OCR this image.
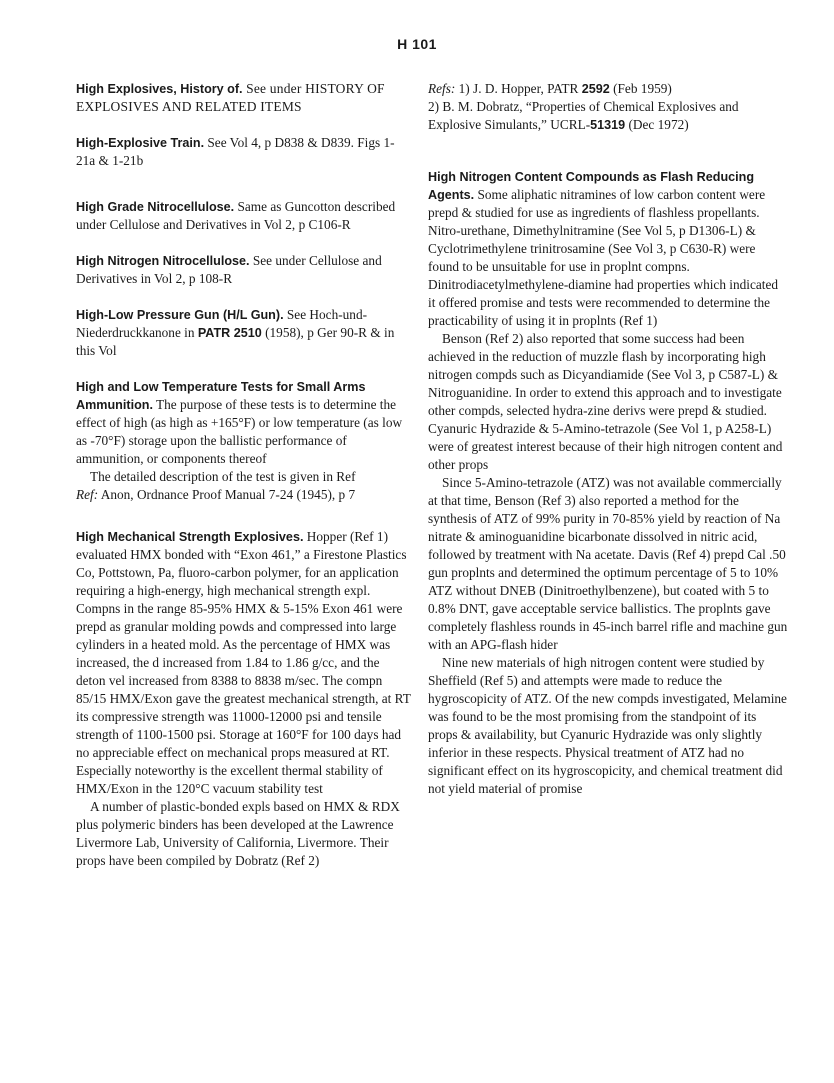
H 101
High Explosives, History of. See under HISTORY OF EXPLOSIVES AND RELATED ITEMS
High-Explosive Train. See Vol 4, p D838 & D839. Figs 1-21a & 1-21b
High Grade Nitrocellulose. Same as Guncotton described under Cellulose and Derivatives in Vol 2, p C106-R
High Nitrogen Nitrocellulose. See under Cellulose and Derivatives in Vol 2, p 108-R
High-Low Pressure Gun (H/L Gun). See Hoch-und-Niederdruckkanone in PATR 2510 (1958), p Ger 90-R & in this Vol
High and Low Temperature Tests for Small Arms Ammunition. The purpose of these tests is to determine the effect of high (as high as +165°F) or low temperature (as low as -70°F) storage upon the ballistic performance of ammunition, or components thereof

The detailed description of the test is given in Ref

Ref: Anon, Ordnance Proof Manual 7-24 (1945), p 7

High Mechanical Strength Explosives. Hopper (Ref 1) evaluated HMX bonded with “Exon 461,” a Firestone Plastics Co, Pottstown, Pa, fluoro-carbon polymer, for an application requiring a high-energy, high mechanical strength expl. Compns in the range 85-95% HMX & 5-15% Exon 461 were prepd as granular molding powds and compressed into large cylinders in a heated mold. As the percentage of HMX was increased, the d increased from 1.84 to 1.86 g/cc, and the deton vel increased from 8388 to 8838 m/sec. The compn 85/15 HMX/Exon gave the greatest mechanical strength, at RT its compressive strength was 11000-12000 psi and tensile strength of 1100-1500 psi. Storage at 160°F for 100 days had no appreciable effect on mechanical props measured at RT. Especially noteworthy is the excellent thermal stability of HMX/Exon in the 120°C vacuum stability test

A number of plastic-bonded expls based on HMX & RDX plus polymeric binders has been developed at the Lawrence Livermore Lab, University of California, Livermore. Their props have been compiled by Dobratz (Ref 2)

Refs: 1) J. D. Hopper, PATR 2592 (Feb 1959)
2) B. M. Dobratz, “Properties of Chemical Explosives and Explosive Simulants,” UCRL-51319 (Dec 1972)
High Nitrogen Content Compounds as Flash Reducing Agents. Some aliphatic nitramines of low carbon content were prepd & studied for use as ingredients of flashless propellants. Nitro-urethane, Dimethylnitramine (See Vol 5, p D1306-L) & Cyclotrimethylene trinitrosamine (See Vol 3, p C630-R) were found to be unsuitable for use in proplnt compns. Dinitrodiacetylmethylene-diamine had properties which indicated it offered promise and tests were recommended to determine the practicability of using it in proplnts (Ref 1)

Benson (Ref 2) also reported that some success had been achieved in the reduction of muzzle flash by incorporating high nitrogen compds such as Dicyandiamide (See Vol 3, p C587-L) & Nitroguanidine. In order to extend this approach and to investigate other compds, selected hydra-zine derivs were prepd & studied. Cyanuric Hydrazide & 5-Amino-tetrazole (See Vol 1, p A258-L) were of greatest interest because of their high nitrogen content and other props

Since 5-Amino-tetrazole (ATZ) was not available commercially at that time, Benson (Ref 3) also reported a method for the synthesis of ATZ of 99% purity in 70-85% yield by reaction of Na nitrate & aminoguanidine bicarbonate dissolved in nitric acid, followed by treatment with Na acetate. Davis (Ref 4) prepd Cal .50 gun proplnts and determined the optimum percentage of 5 to 10% ATZ without DNEB (Dinitroethylbenzene), but coated with 5 to 0.8% DNT, gave acceptable service ballistics. The proplnts gave completely flashless rounds in 45-inch barrel rifle and machine gun with an APG-flash hider

Nine new materials of high nitrogen content were studied by Sheffield (Ref 5) and attempts were made to reduce the hygroscopicity of ATZ. Of the new compds investigated, Melamine was found to be the most promising from the standpoint of its props & availability, but Cyanuric Hydrazide was only slightly inferior in these respects. Physical treatment of ATZ had no significant effect on its hygroscopicity, and chemical treatment did not yield material of promise
